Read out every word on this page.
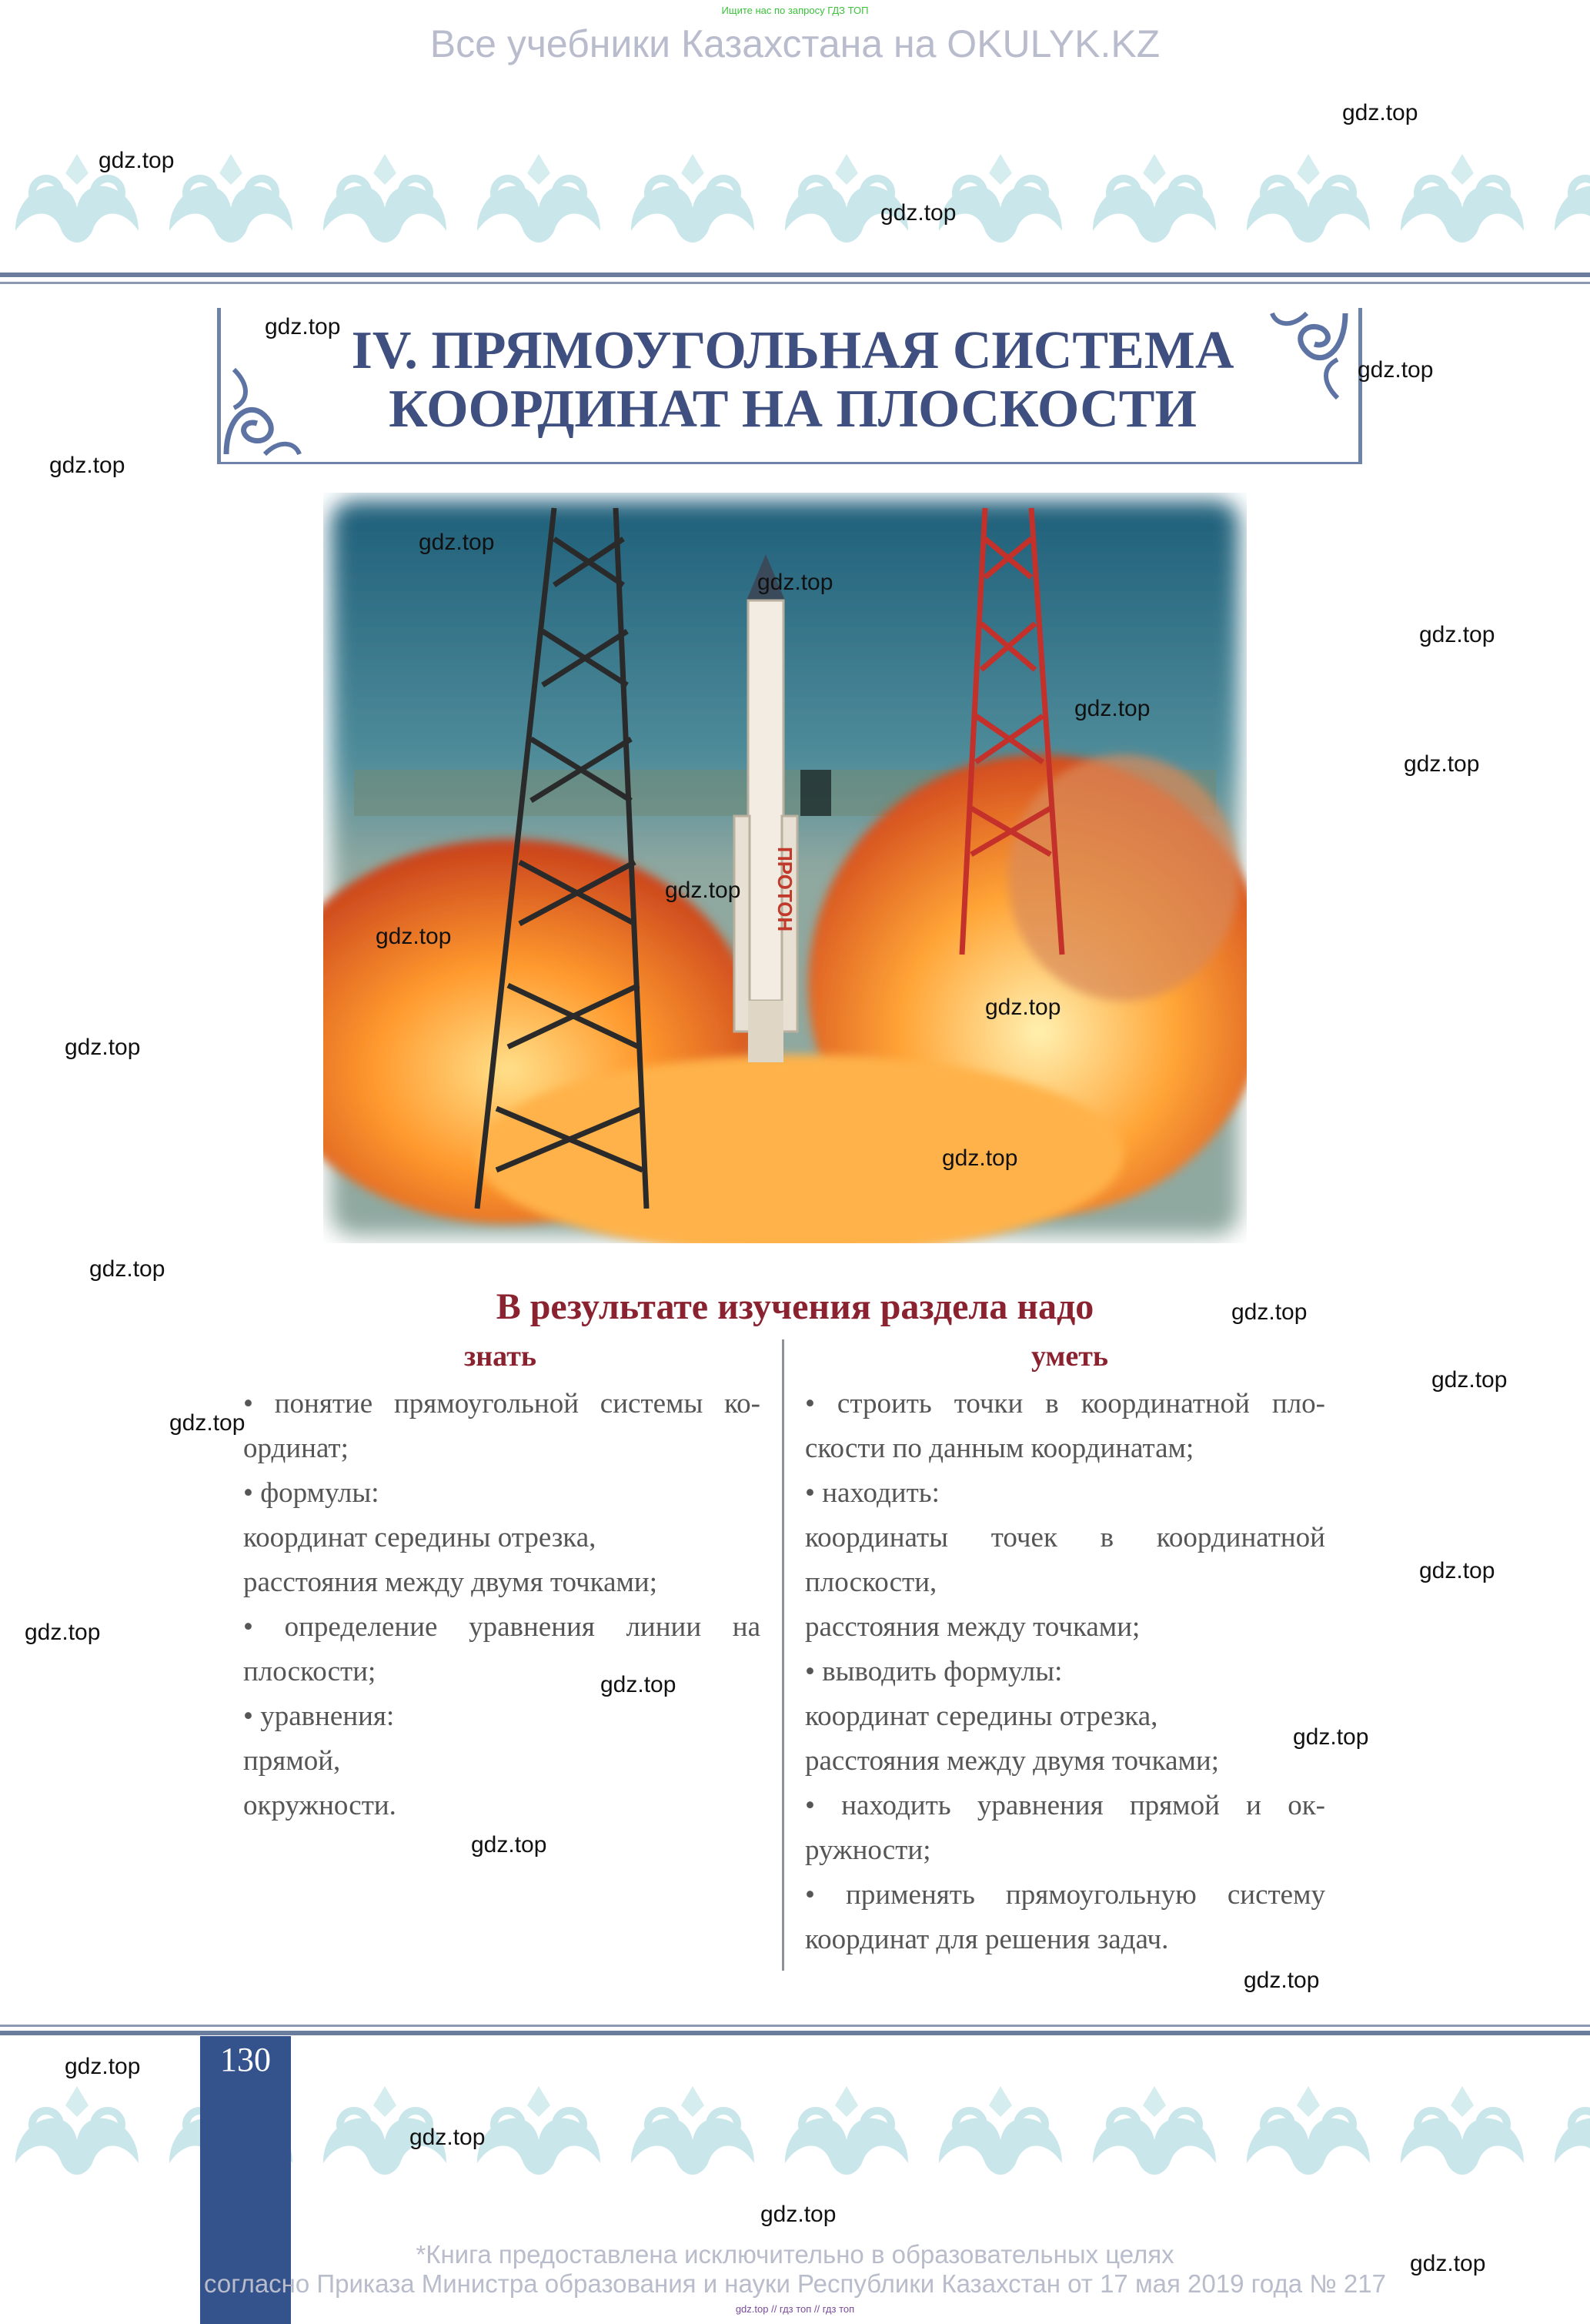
Ищите нас по запросу ГДЗ ТОП
Все учебники Казахстана на OKULYK.KZ
IV. ПРЯМОУГОЛЬНАЯ СИСТЕМА
КООРДИНАТ НА ПЛОСКОСТИ
ПРОТОН
В результате изучения раздела надо
знать	уметь
• понятие прямоугольной системы ко-
ординат;
• формулы:
координат середины отрезка,
расстояния между двумя точками;
• определение уравнения линии на
плоскости;
• уравнения:
прямой,
окружности.
• строить точки в координатной пло-
скости по данным координатам;
• находить:
координаты точек в координатной
плоскости,
расстояния между точками;
• выводить формулы:
координат середины отрезка,
расстояния между двумя точками;
• находить уравнения прямой и ок-
ружности;
• применять прямоугольную систему
координат для решения задач.
130
*Книга предоставлена исключительно в образовательных целях
согласно Приказа Министра образования и науки Республики Казахстан от 17 мая 2019 года № 217
gdz.top // гдз топ // гдз топ
gdz.top
gdz.top
gdz.top
gdz.top
gdz.top
gdz.top
gdz.top
gdz.top
gdz.top
gdz.top
gdz.top
gdz.top
gdz.top
gdz.top
gdz.top
gdz.top
gdz.top
gdz.top
gdz.top
gdz.top
gdz.top
gdz.top
gdz.top
gdz.top
gdz.top
gdz.top
gdz.top
gdz.top
gdz.top
gdz.top
